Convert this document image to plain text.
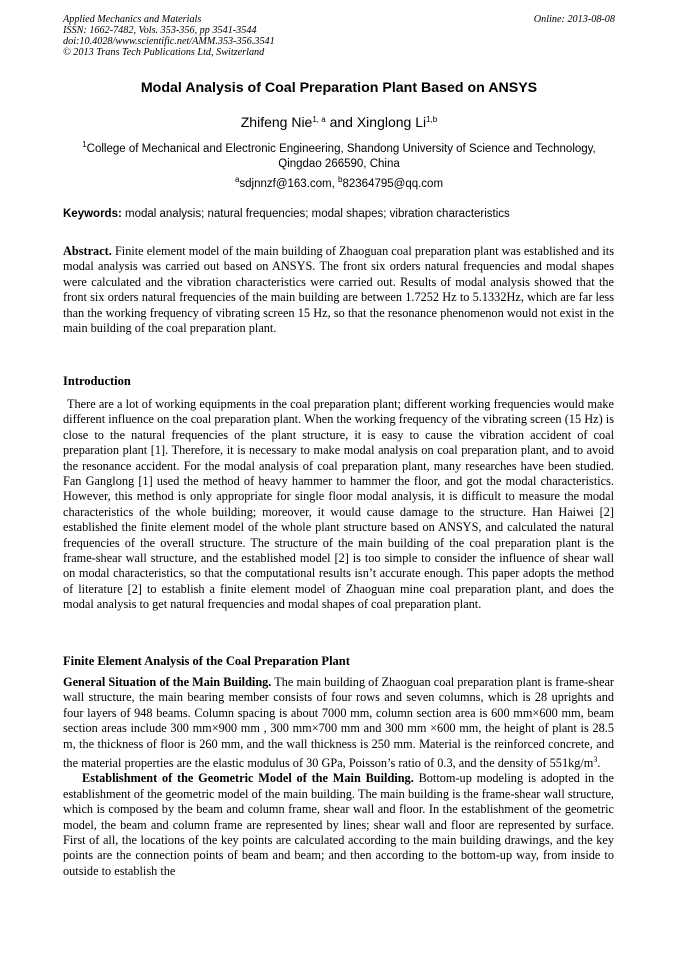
Applied Mechanics and Materials
ISSN: 1662-7482, Vols. 353-356, pp 3541-3544
doi:10.4028/www.scientific.net/AMM.353-356.3541
© 2013 Trans Tech Publications Ltd, Switzerland
Online: 2013-08-08
Modal Analysis of Coal Preparation Plant Based on ANSYS
Zhifeng Nie$^{1, a}$ and Xinglong Li$^{1,b}$
$^1$College of Mechanical and Electronic Engineering, Shandong University of Science and Technology, Qingdao 266590, China
$^a$sdjnnzf@163.com, $^b$82364795@qq.com
Keywords: modal analysis; natural frequencies; modal shapes; vibration characteristics

Abstract. Finite element model of the main building of Zhaoguan coal preparation plant was established and its modal analysis was carried out based on ANSYS. The front six orders natural frequencies and modal shapes were calculated and the vibration characteristics were carried out. Results of modal analysis showed that the front six orders natural frequencies of the main building are between 1.7252 Hz to 5.1332Hz, which are far less than the working frequency of vibrating screen 15 Hz, so that the resonance phenomenon would not exist in the main building of the coal preparation plant.

Introduction

There are a lot of working equipments in the coal preparation plant; different working frequencies would make different influence on the coal preparation plant. When the working frequency of the vibrating screen (15 Hz) is close to the natural frequencies of the plant structure, it is easy to cause the vibration accident of coal preparation plant [1]. Therefore, it is necessary to make modal analysis on coal preparation plant, and to avoid the resonance accident. For the modal analysis of coal preparation plant, many researches have been studied. Fan Ganglong [1] used the method of heavy hammer to hammer the floor, and got the modal characteristics. However, this method is only appropriate for single floor modal analysis, it is difficult to measure the modal characteristics of the whole building; moreover, it would cause damage to the structure. Han Haiwei [2] established the finite element model of the whole plant structure based on ANSYS, and calculated the natural frequencies of the overall structure. The structure of the main building of the coal preparation plant is the frame-shear wall structure, and the established model [2] is too simple to consider the influence of shear wall on modal characteristics, so that the computational results isn’t accurate enough. This paper adopts the method of literature [2] to establish a finite element model of Zhaoguan mine coal preparation plant, and does the modal analysis to get natural frequencies and modal shapes of coal preparation plant.

Finite Element Analysis of the Coal Preparation Plant

General Situation of the Main Building. The main building of Zhaoguan coal preparation plant is frame-shear wall structure, the main bearing member consists of four rows and seven columns, which is 28 uprights and four layers of 948 beams. Column spacing is about 7000 mm, column section area is 600 mm×600 mm, beam section areas include 300 mm×900 mm , 300 mm×700 mm and 300 mm ×600 mm, the height of plant is 28.5 m, the thickness of floor is 260 mm, and the wall thickness is 250 mm. Material is the reinforced concrete, and the material properties are the elastic modulus of 30 GPa, Poisson’s ratio of 0.3, and the density of $551kg/m^3$.

Establishment of the Geometric Model of the Main Building. Bottom-up modeling is adopted in the establishment of the geometric model of the main building. The main building is the frame-shear wall structure, which is composed by the beam and column frame, shear wall and floor. In the establishment of the geometric model, the beam and column frame are represented by lines; shear wall and floor are represented by surface. First of all, the locations of the key points are calculated according to the main building drawings, and the key points are the connection points of beam and beam; and then according to the bottom-up way, from inside to outside to establish the
